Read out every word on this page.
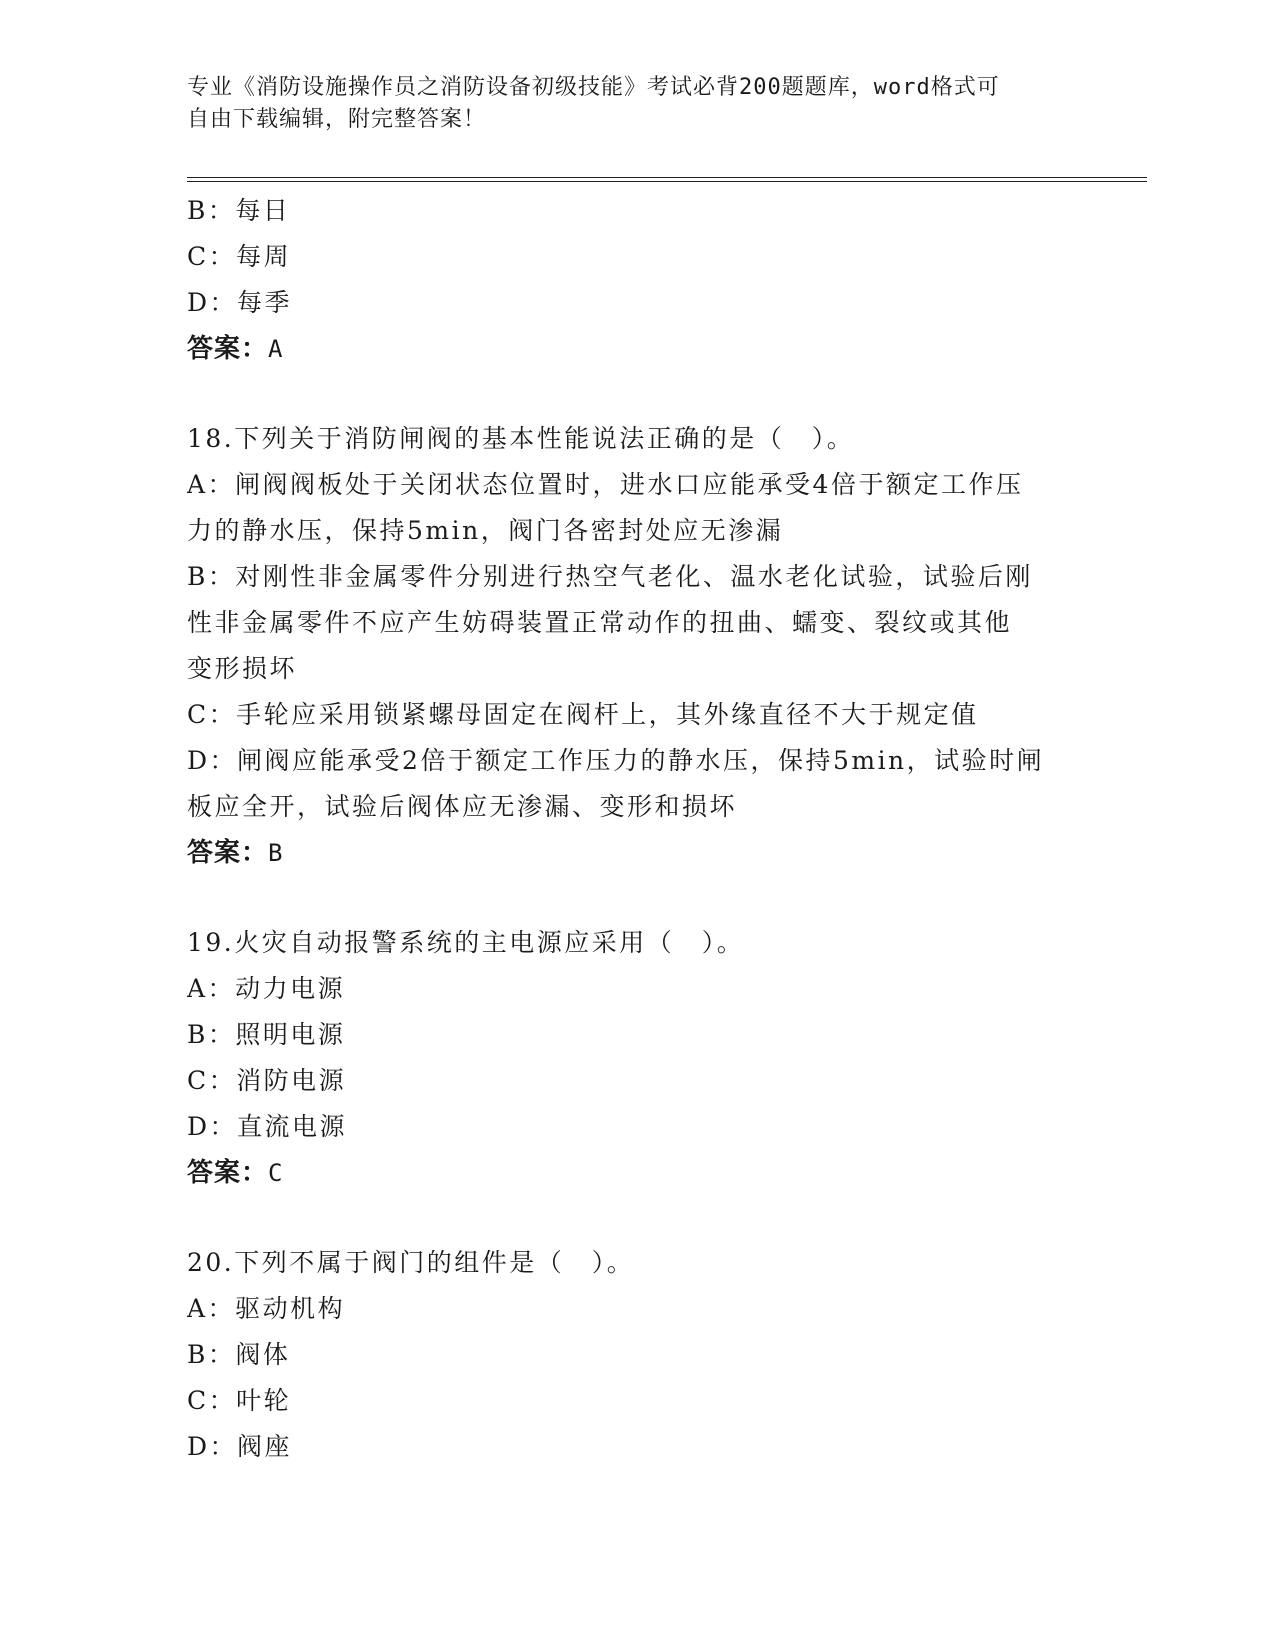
专业《消防设施操作员之消防设备初级技能》考试必背200题题库，word格式可
自由下载编辑，附完整答案！
B：每日
C：每周
D：每季
答案：A
18.下列关于消防闸阀的基本性能说法正确的是（　）。
A：闸阀阀板处于关闭状态位置时，进水口应能承受4倍于额定工作压
力的静水压，保持5min，阀门各密封处应无渗漏
B：对刚性非金属零件分别进行热空气老化、温水老化试验，试验后刚
性非金属零件不应产生妨碍装置正常动作的扭曲、蠕变、裂纹或其他
变形损坏
C：手轮应采用锁紧螺母固定在阀杆上，其外缘直径不大于规定值
D：闸阀应能承受2倍于额定工作压力的静水压，保持5min，试验时闸
板应全开，试验后阀体应无渗漏、变形和损坏
答案：B
19.火灾自动报警系统的主电源应采用（　）。
A：动力电源
B：照明电源
C：消防电源
D：直流电源
答案：C
20.下列不属于阀门的组件是（　）。
A：驱动机构
B：阀体
C：叶轮
D：阀座
